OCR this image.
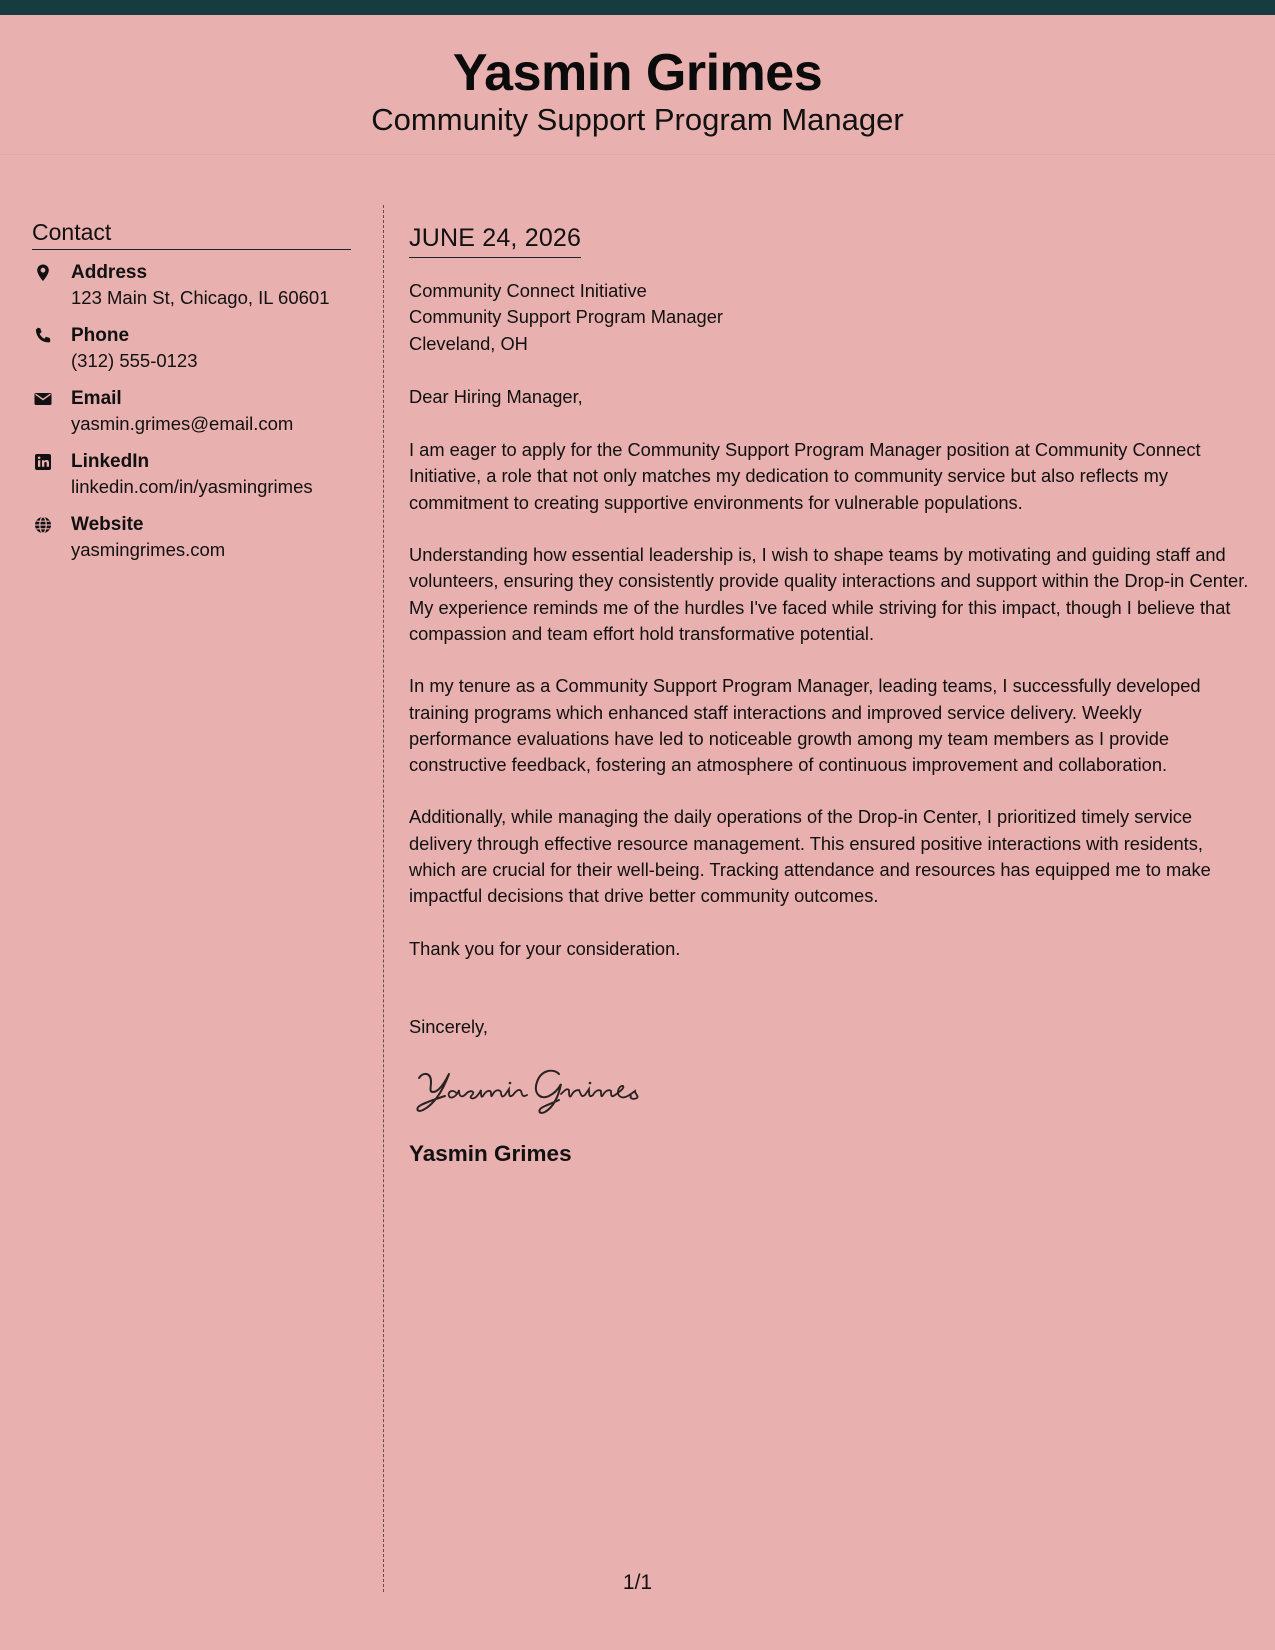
Yasmin Grimes
Community Support Program Manager
Contact
Address
123 Main St, Chicago, IL 60601
Phone
(312) 555-0123
Email
yasmin.grimes@email.com
LinkedIn
linkedin.com/in/yasmingrimes
Website
yasmingrimes.com
JUNE 24, 2026
Community Connect Initiative
Community Support Program Manager
Cleveland, OH

Dear Hiring Manager,

I am eager to apply for the Community Support Program Manager position at Community Connect Initiative, a role that not only matches my dedication to community service but also reflects my commitment to creating supportive environments for vulnerable populations.

Understanding how essential leadership is, I wish to shape teams by motivating and guiding staff and volunteers, ensuring they consistently provide quality interactions and support within the Drop-in Center. My experience reminds me of the hurdles I've faced while striving for this impact, though I believe that compassion and team effort hold transformative potential.

In my tenure as a Community Support Program Manager, leading teams, I successfully developed training programs which enhanced staff interactions and improved service delivery. Weekly performance evaluations have led to noticeable growth among my team members as I provide constructive feedback, fostering an atmosphere of continuous improvement and collaboration.

Additionally, while managing the daily operations of the Drop-in Center, I prioritized timely service delivery through effective resource management. This ensured positive interactions with residents, which are crucial for their well-being. Tracking attendance and resources has equipped me to make impactful decisions that drive better community outcomes.

Thank you for your consideration.

Sincerely,

Yasmin Grimes
1/1
